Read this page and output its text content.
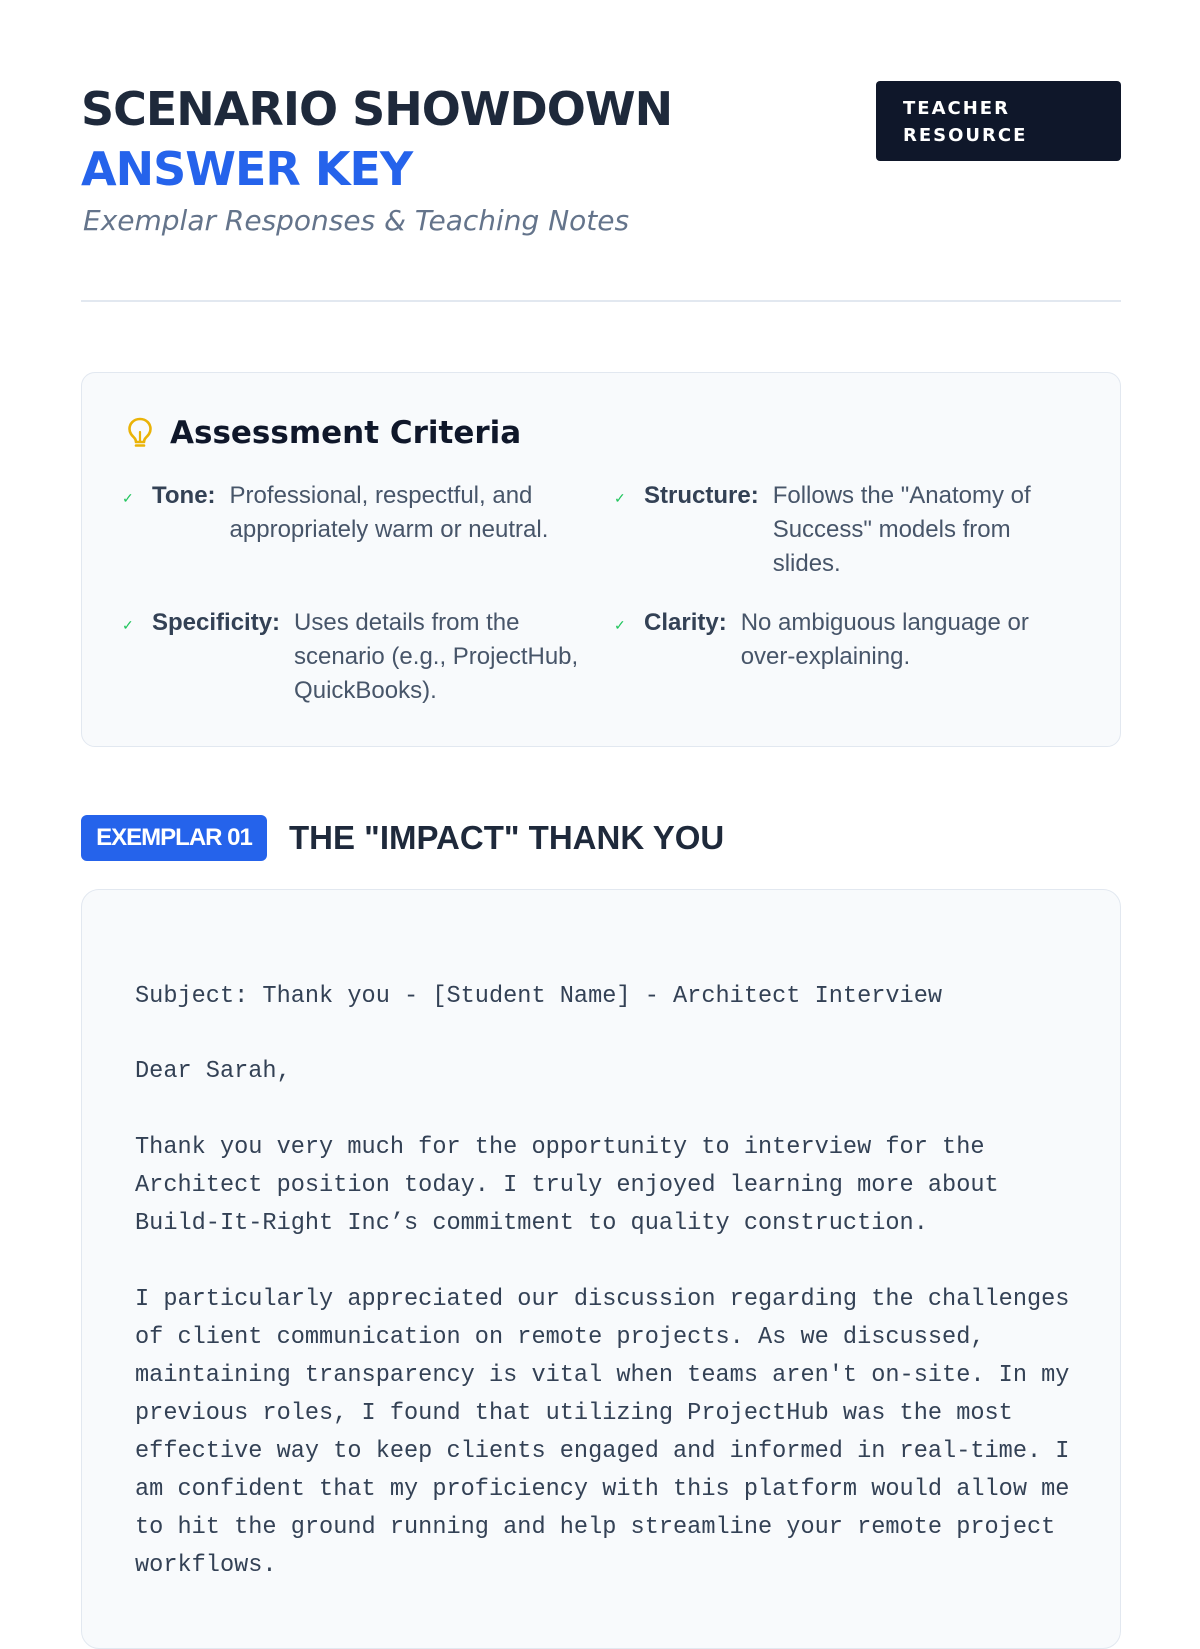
SCENARIO SHOWDOWN
ANSWER KEY
Exemplar Responses & Teaching Notes
TEACHER
RESOURCE
Assessment Criteria
✓ Tone: Professional, respectful, and
appropriately warm or neutral.
✓ Structure: Follows the "Anatomy of
Success" models from
slides.
✓ Specificity: Uses details from the
scenario (e.g., ProjectHub,
QuickBooks).
✓ Clarity: No ambiguous language or
over-explaining.
EXEMPLAR 01	THE "IMPACT" THANK YOU
Subject: Thank you - [Student Name] - Architect Interview
Dear Sarah,
Thank you very much for the opportunity to interview for the
Architect position today. I truly enjoyed learning more about
Build-It-Right Inc’s commitment to quality construction.
I particularly appreciated our discussion regarding the challenges
of client communication on remote projects. As we discussed,
maintaining transparency is vital when teams aren't on-site. In my
previous roles, I found that utilizing ProjectHub was the most
effective way to keep clients engaged and informed in real-time. I
am confident that my proficiency with this platform would allow me
to hit the ground running and help streamline your remote project
workflows.
